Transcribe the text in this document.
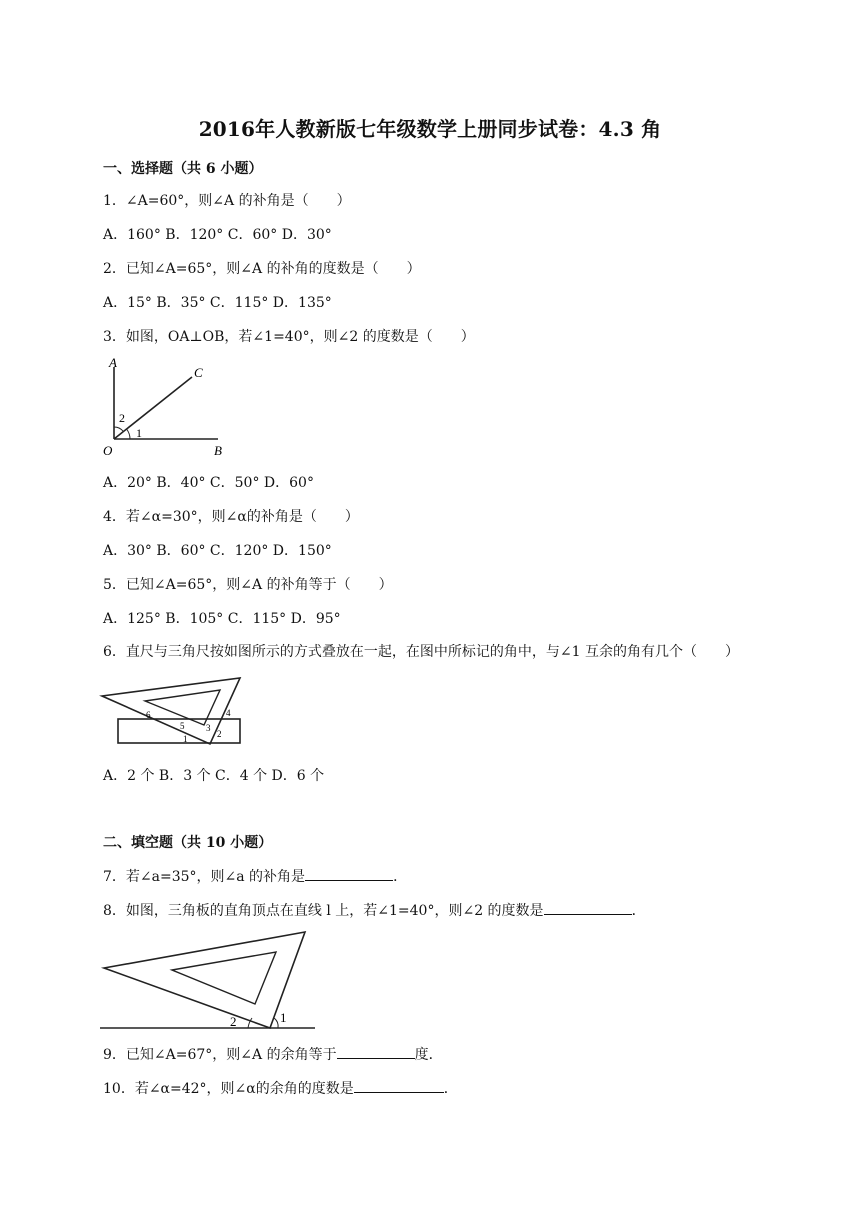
2016年人教新版七年级数学上册同步试卷：4.3 角
一、选择题（共 6 小题）
1．∠A=60°，则∠A 的补角是（　　）
A．160° B．120° C．60° D．30°
2．已知∠A=65°，则∠A 的补角的度数是（　　）
A．15° B．35° C．115° D．135°
3．如图，OA⊥OB，若∠1=40°，则∠2 的度数是（　　）
A
C
O	B
1
2
A．20° B．40° C．50° D．60°
4．若∠α=30°，则∠α的补角是（　　）
A．30° B．60° C．120° D．150°
5．已知∠A=65°，则∠A 的补角等于（　　）
A．125° B．105° C．115° D．95°
6．直尺与三角尺按如图所示的方式叠放在一起，在图中所标记的角中，与∠1 互余的角有几个（　　）
6
5
4
3
2
1
A．2 个 B．3 个 C．4 个 D．6 个
二、填空题（共 10 小题）
7．若∠a=35°，则∠a 的补角是	．
8．如图，三角板的直角顶点在直线 l 上，若∠1=40°，则∠2 的度数是	．
2	1
9．已知∠A=67°，则∠A 的余角等于	度．
10．若∠α=42°，则∠α的余角的度数是	．
